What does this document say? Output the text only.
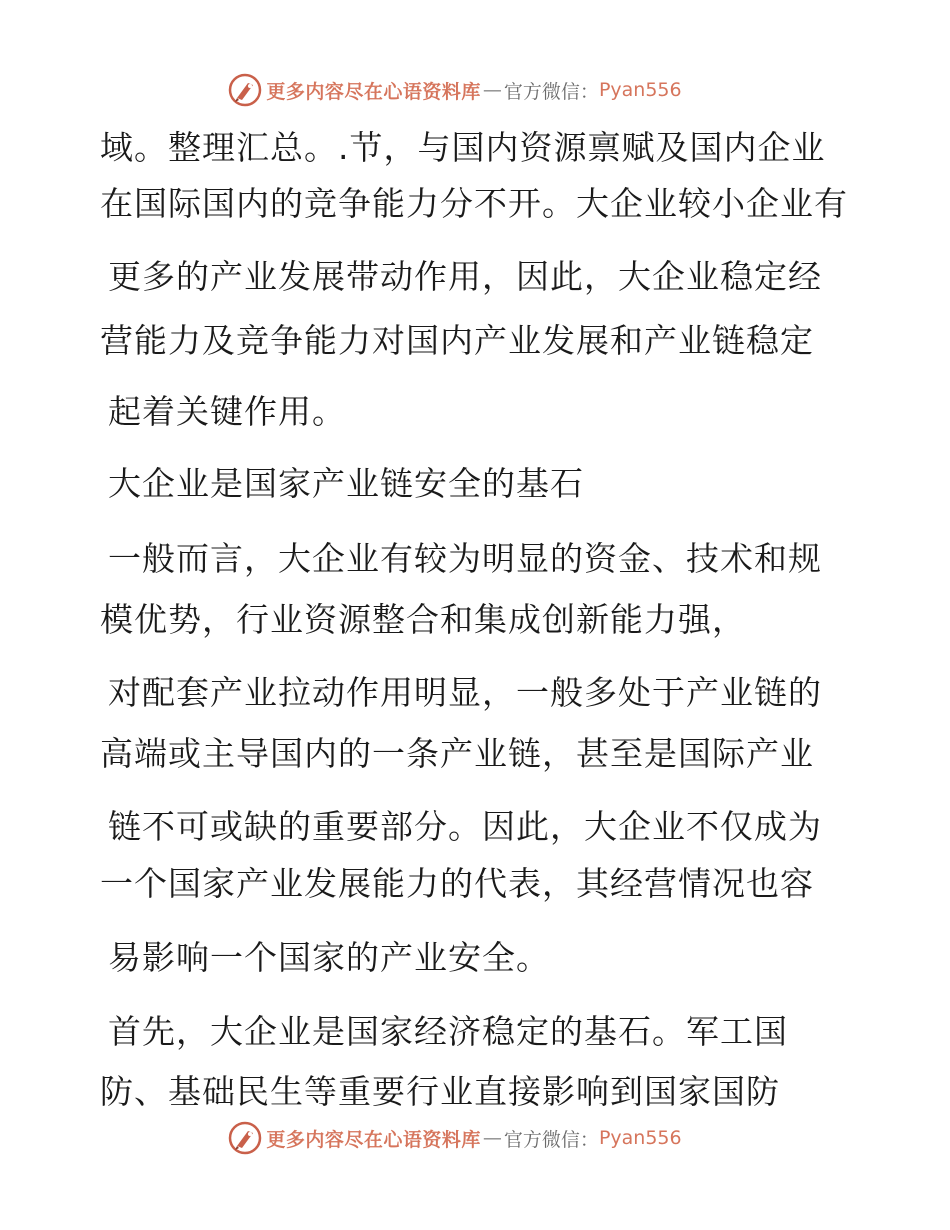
更多内容尽在心语资料库 — 官方微信： Pyan556
域。整理汇总。.节，与国内资源禀赋及国内企业
在国际国内的竞争能力分不开。大企业较小企业有
更多的产业发展带动作用，因此，大企业稳定经
营能力及竞争能力对国内产业发展和产业链稳定
起着关键作用。
大企业是国家产业链安全的基石
一般而言，大企业有较为明显的资金、技术和规
模优势，行业资源整合和集成创新能力强，
对配套产业拉动作用明显，一般多处于产业链的
高端或主导国内的一条产业链，甚至是国际产业
链不可或缺的重要部分。因此，大企业不仅成为
一个国家产业发展能力的代表，其经营情况也容
易影响一个国家的产业安全。
首先，大企业是国家经济稳定的基石。军工国
防、基础民生等重要行业直接影响到国家国防
更多内容尽在心语资料库 — 官方微信： Pyan556
